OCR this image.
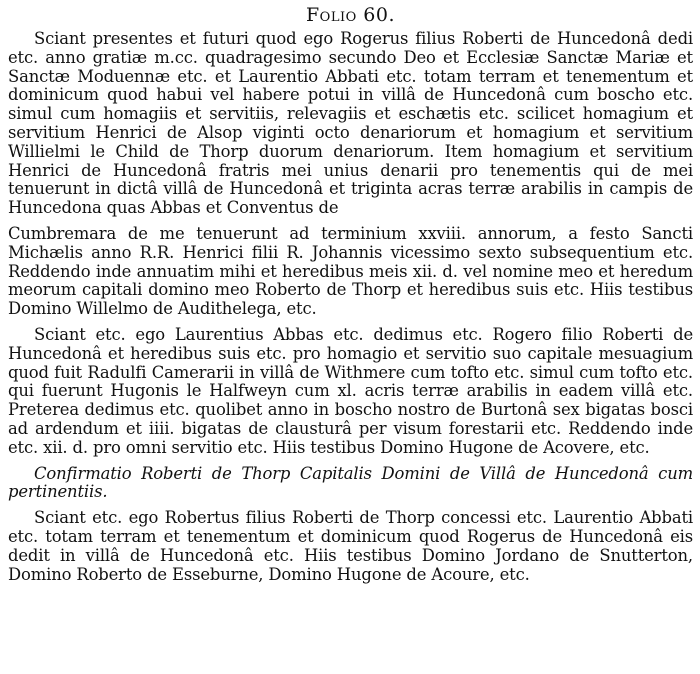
Folio 60.
Sciant presentes et futuri quod ego Rogerus filius Roberti de Huncedonâ dedi etc. anno gratiæ m.cc. quadragesimo secundo Deo et Ecclesiæ Sanctæ Mariæ et Sanctæ Moduennæ etc. et Laurentio Abbati etc. totam terram et tenementum et dominicum quod habui vel habere potui in villâ de Huncedonâ cum boscho etc. simul cum homagiis et servitiis, relevagiis et eschætis etc. scilicet homagium et servitium Henrici de Alsop viginti octo denariorum et homagium et servitium Willielmi le Child de Thorp duorum denariorum. Item homagium et servitium Henrici de Huncedonâ fratris mei unius denarii pro tenementis qui de mei tenuerunt in dictâ villâ de Huncedonâ et triginta acras terræ arabilis in campis de Huncedona quas Abbas et Conventus de
Cumbremara de me tenuerunt ad terminium xxviii. annorum, a festo Sancti Michælis anno R.R. Henrici filii R. Johannis vicessimo sexto subsequentium etc. Reddendo inde annuatim mihi et heredibus meis xii. d. vel nomine meo et heredum meorum capitali domino meo Roberto de Thorp et heredibus suis etc. Hiis testibus Domino Willelmo de Audithelega, etc.
Sciant etc. ego Laurentius Abbas etc. dedimus etc. Rogero filio Roberti de Huncedonâ et heredibus suis etc. pro homagio et servitio suo capitale mesuagium quod fuit Radulfi Camerarii in villâ de Withmere cum tofto etc. simul cum tofto etc. qui fuerunt Hugonis le Halfweyn cum xl. acris terræ arabilis in eadem villâ etc. Preterea dedimus etc. quolibet anno in boscho nostro de Burtonâ sex bigatas bosci ad ardendum et iiii. bigatas de clausturâ per visum forestarii etc. Reddendo inde etc. xii. d. pro omni servitio etc. Hiis testibus Domino Hugone de Acovere, etc.
Confirmatio Roberti de Thorp Capitalis Domini de Villâ de Huncedonâ cum pertinentiis.
Sciant etc. ego Robertus filius Roberti de Thorp concessi etc. Laurentio Abbati etc. totam terram et tenementum et dominicum quod Rogerus de Huncedonâ eis dedit in villâ de Huncedonâ etc. Hiis testibus Domino Jordano de Snutterton, Domino Roberto de Esseburne, Domino Hugone de Acoure, etc.
